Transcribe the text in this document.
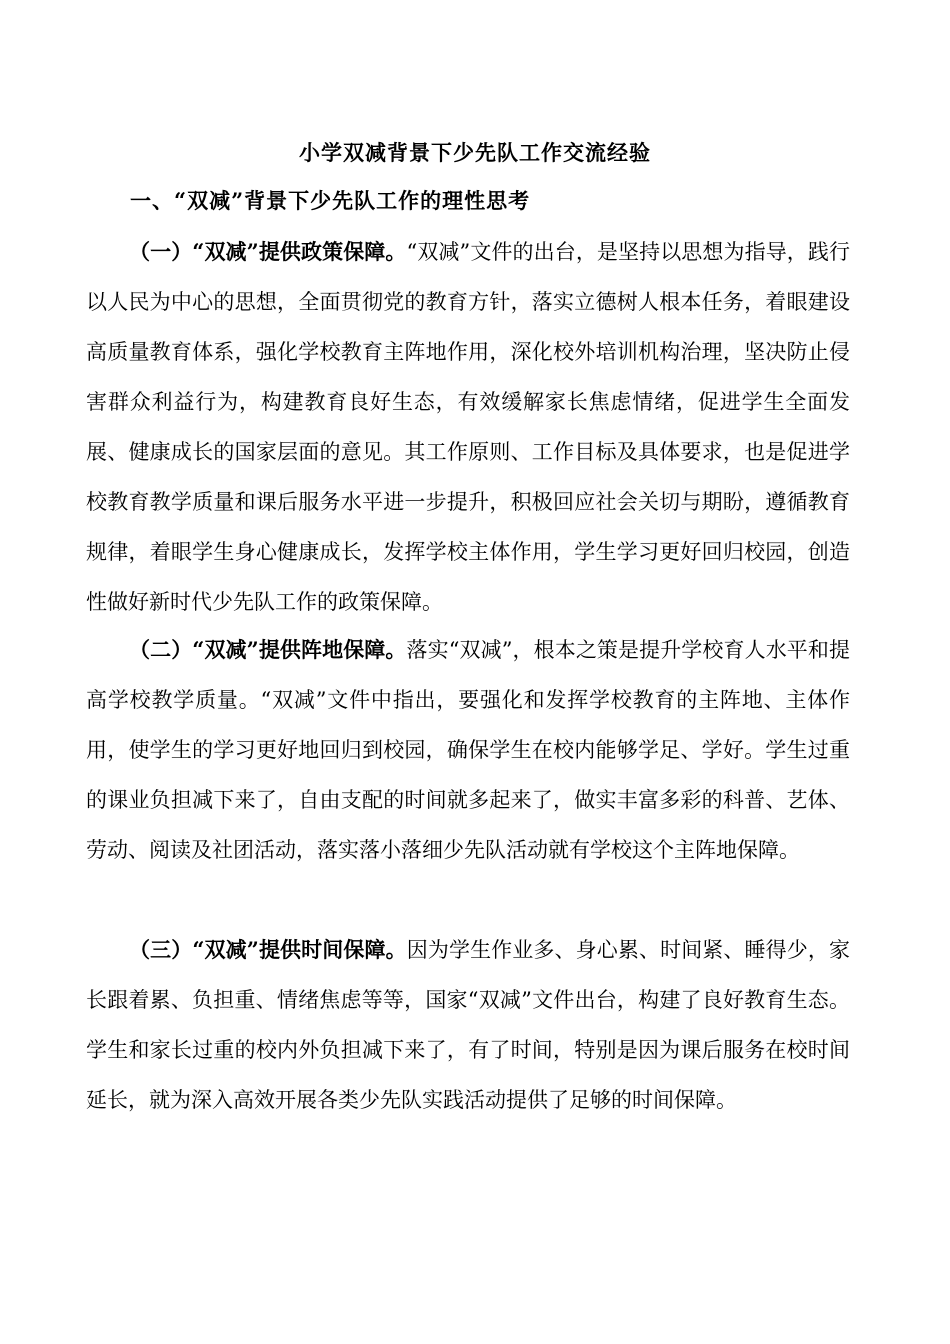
小学双减背景下少先队工作交流经验
一、“双减”背景下少先队工作的理性思考

（一）“双减”提供政策保障。“双减”文件的出台，是坚持以思想为指导，践行以人民为中心的思想，全面贯彻党的教育方针，落实立德树人根本任务，着眼建设高质量教育体系，强化学校教育主阵地作用，深化校外培训机构治理，坚决防止侵害群众利益行为，构建教育良好生态，有效缓解家长焦虑情绪，促进学生全面发展、健康成长的国家层面的意见。其工作原则、工作目标及具体要求，也是促进学校教育教学质量和课后服务水平进一步提升，积极回应社会关切与期盼，遵循教育规律，着眼学生身心健康成长，发挥学校主体作用，学生学习更好回归校园，创造性做好新时代少先队工作的政策保障。

（二）“双减”提供阵地保障。落实“双减”，根本之策是提升学校育人水平和提高学校教学质量。“双减”文件中指出，要强化和发挥学校教育的主阵地、主体作用，使学生的学习更好地回归到校园，确保学生在校内能够学足、学好。学生过重的课业负担减下来了，自由支配的时间就多起来了，做实丰富多彩的科普、艺体、劳动、阅读及社团活动，落实落小落细少先队活动就有学校这个主阵地保障。

（三）“双减”提供时间保障。因为学生作业多、身心累、时间紧、睡得少，家长跟着累、负担重、情绪焦虑等等，国家“双减”文件出台，构建了良好教育生态。学生和家长过重的校内外负担减下来了，有了时间，特别是因为课后服务在校时间延长，就为深入高效开展各类少先队实践活动提供了足够的时间保障。
